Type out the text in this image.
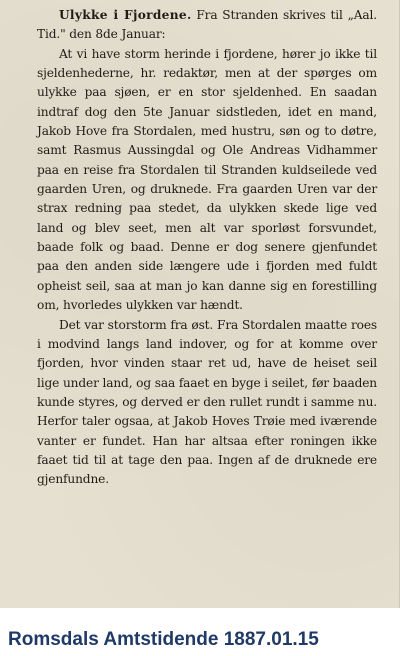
Ulykke i Fjordene. Fra Stranden skrives til „Aal. Tid." den 8de Januar:

At vi have storm herinde i fjordene, hører jo ikke til sjeldenhederne, hr. redaktør, men at der spørges om ulykke paa sjøen, er en stor sjeldenhed. En saadan indtraf dog den 5te Januar sidstleden, idet en mand, Jakob Hove fra Stordalen, med hustru, søn og to døtre, samt Rasmus Aussingdal og Ole Andreas Vidhammer paa en reise fra Stordalen til Stranden kuldseilede ved gaarden Uren, og druknede. Fra gaarden Uren var der strax redning paa stedet, da ulykken skede lige ved land og blev seet, men alt var sporløst forsvundet, baade folk og baad. Denne er dog senere gjenfundet paa den anden side længere ude i fjorden med fuldt opheist seil, saa at man jo kan danne sig en forestilling om, hvorledes ulykken var hændt.

Det var storstorm fra øst. Fra Stordalen maatte roes i modvind langs land indover, og for at komme over fjorden, hvor vinden staar ret ud, have de heiset seil lige under land, og saa faaet en byge i seilet, før baaden kunde styres, og derved er den rullet rundt i samme nu. Herfor taler ogsaa, at Jakob Hoves Trøie med iværende vanter er fundet. Han har altsaa efter roningen ikke faaet tid til at tage den paa. Ingen af de druknede ere gjenfundne.

Romsdals Amtstidende 1887.01.15
